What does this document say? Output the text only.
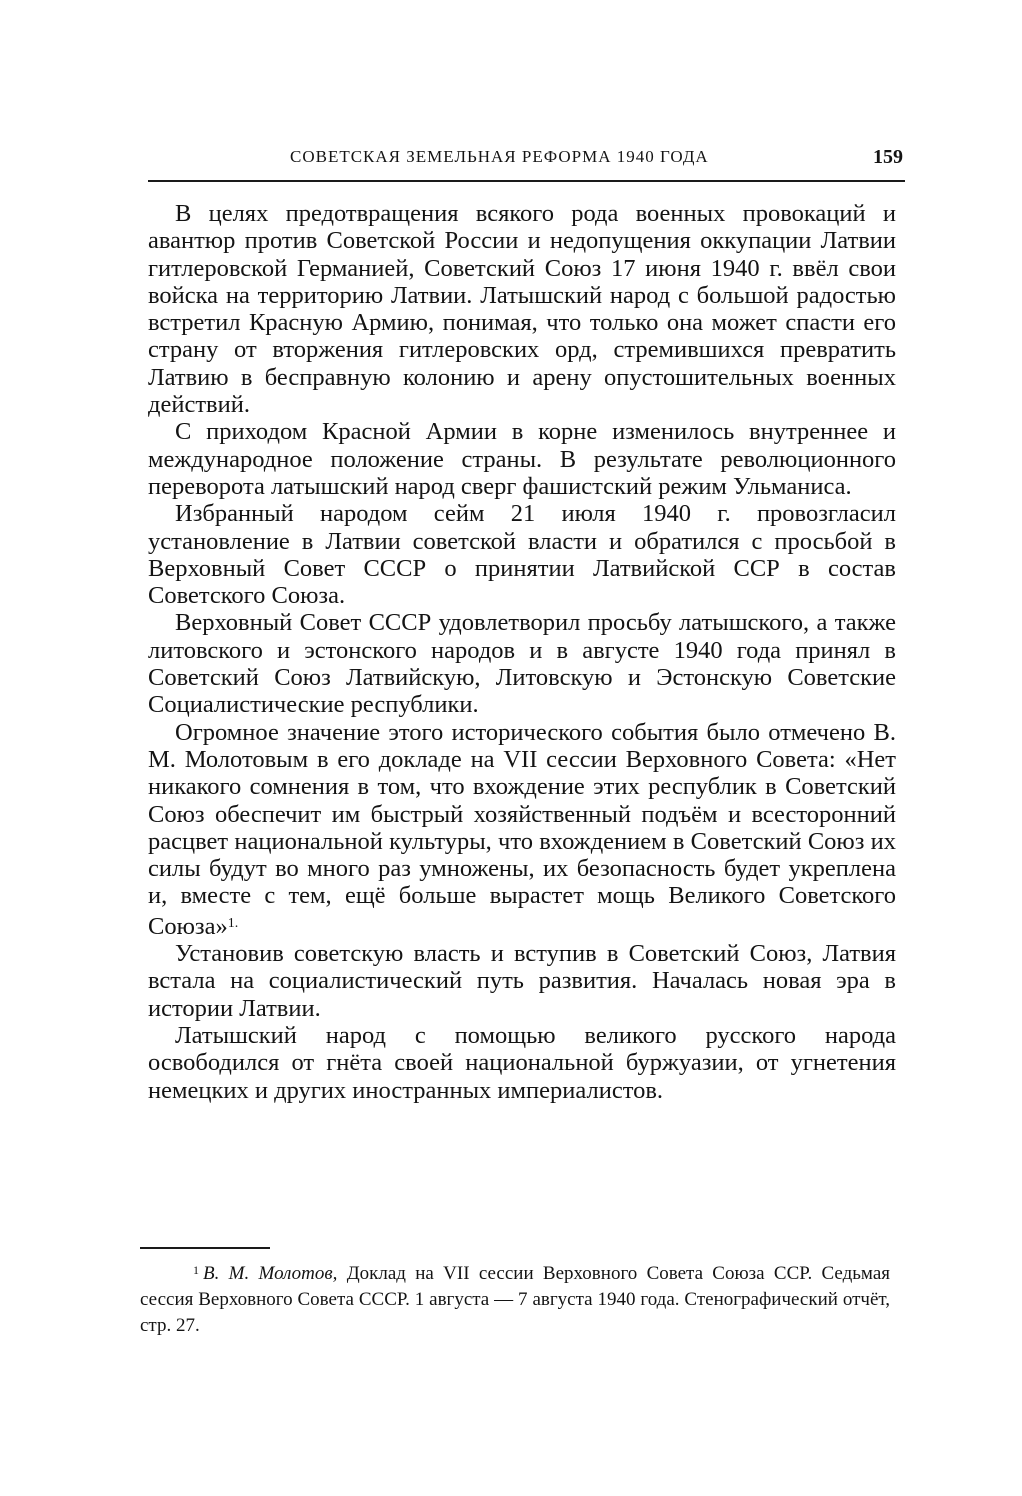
СОВЕТСКАЯ ЗЕМЕЛЬНАЯ РЕФОРМА 1940 ГОДА	159

В целях предотвращения всякого рода военных провокаций и авантюр против Советской России и недопущения оккупации Латвии гитлеровской Германией, Советский Союз 17 июня 1940 г. ввёл свои войска на территорию Латвии. Латышский народ с большой радостью встретил Красную Армию, понимая, что только она может спасти его страну от вторжения гитлеровских орд, стремившихся превратить Латвию в бесправную колонию и арену опустошительных военных действий.

С приходом Красной Армии в корне изменилось внутреннее и международное положение страны. В результате революционного переворота латышский народ сверг фашистский режим Ульманиса.

Избранный народом сейм 21 июля 1940 г. провозгласил установление в Латвии советской власти и обратился с просьбой в Верховный Совет СССР о принятии Латвийской ССР в состав Советского Союза.

Верховный Совет СССР удовлетворил просьбу латышского, а также литовского и эстонского народов и в августе 1940 года принял в Советский Союз Латвийскую, Литовскую и Эстонскую Советские Социалистические республики.

Огромное значение этого исторического события было отмечено В. М. Молотовым в его докладе на VII сессии Верховного Совета: «Нет никакого сомнения в том, что вхождение этих республик в Советский Союз обеспечит им быстрый хозяйственный подъём и всесторонний расцвет национальной культуры, что вхождением в Советский Союз их силы будут во много раз умножены, их безопасность будет укреплена и, вместе с тем, ещё больше вырастет мощь Великого Советского Союза»$^{1.}$

Установив советскую власть и вступив в Советский Союз, Латвия встала на социалистический путь развития. Началась новая эра в истории Латвии.

Латышский народ с помощью великого русского народа освободился от гнёта своей национальной буржуазии, от угнетения немецких и других иностранных империалистов.

$^1$ В. М. Молотов, Доклад на VII сессии Верховного Совета Союза ССР. Седьмая сессия Верховного Совета СССР. 1 августа — 7 августа 1940 года. Стенографический отчёт, стр. 27.
